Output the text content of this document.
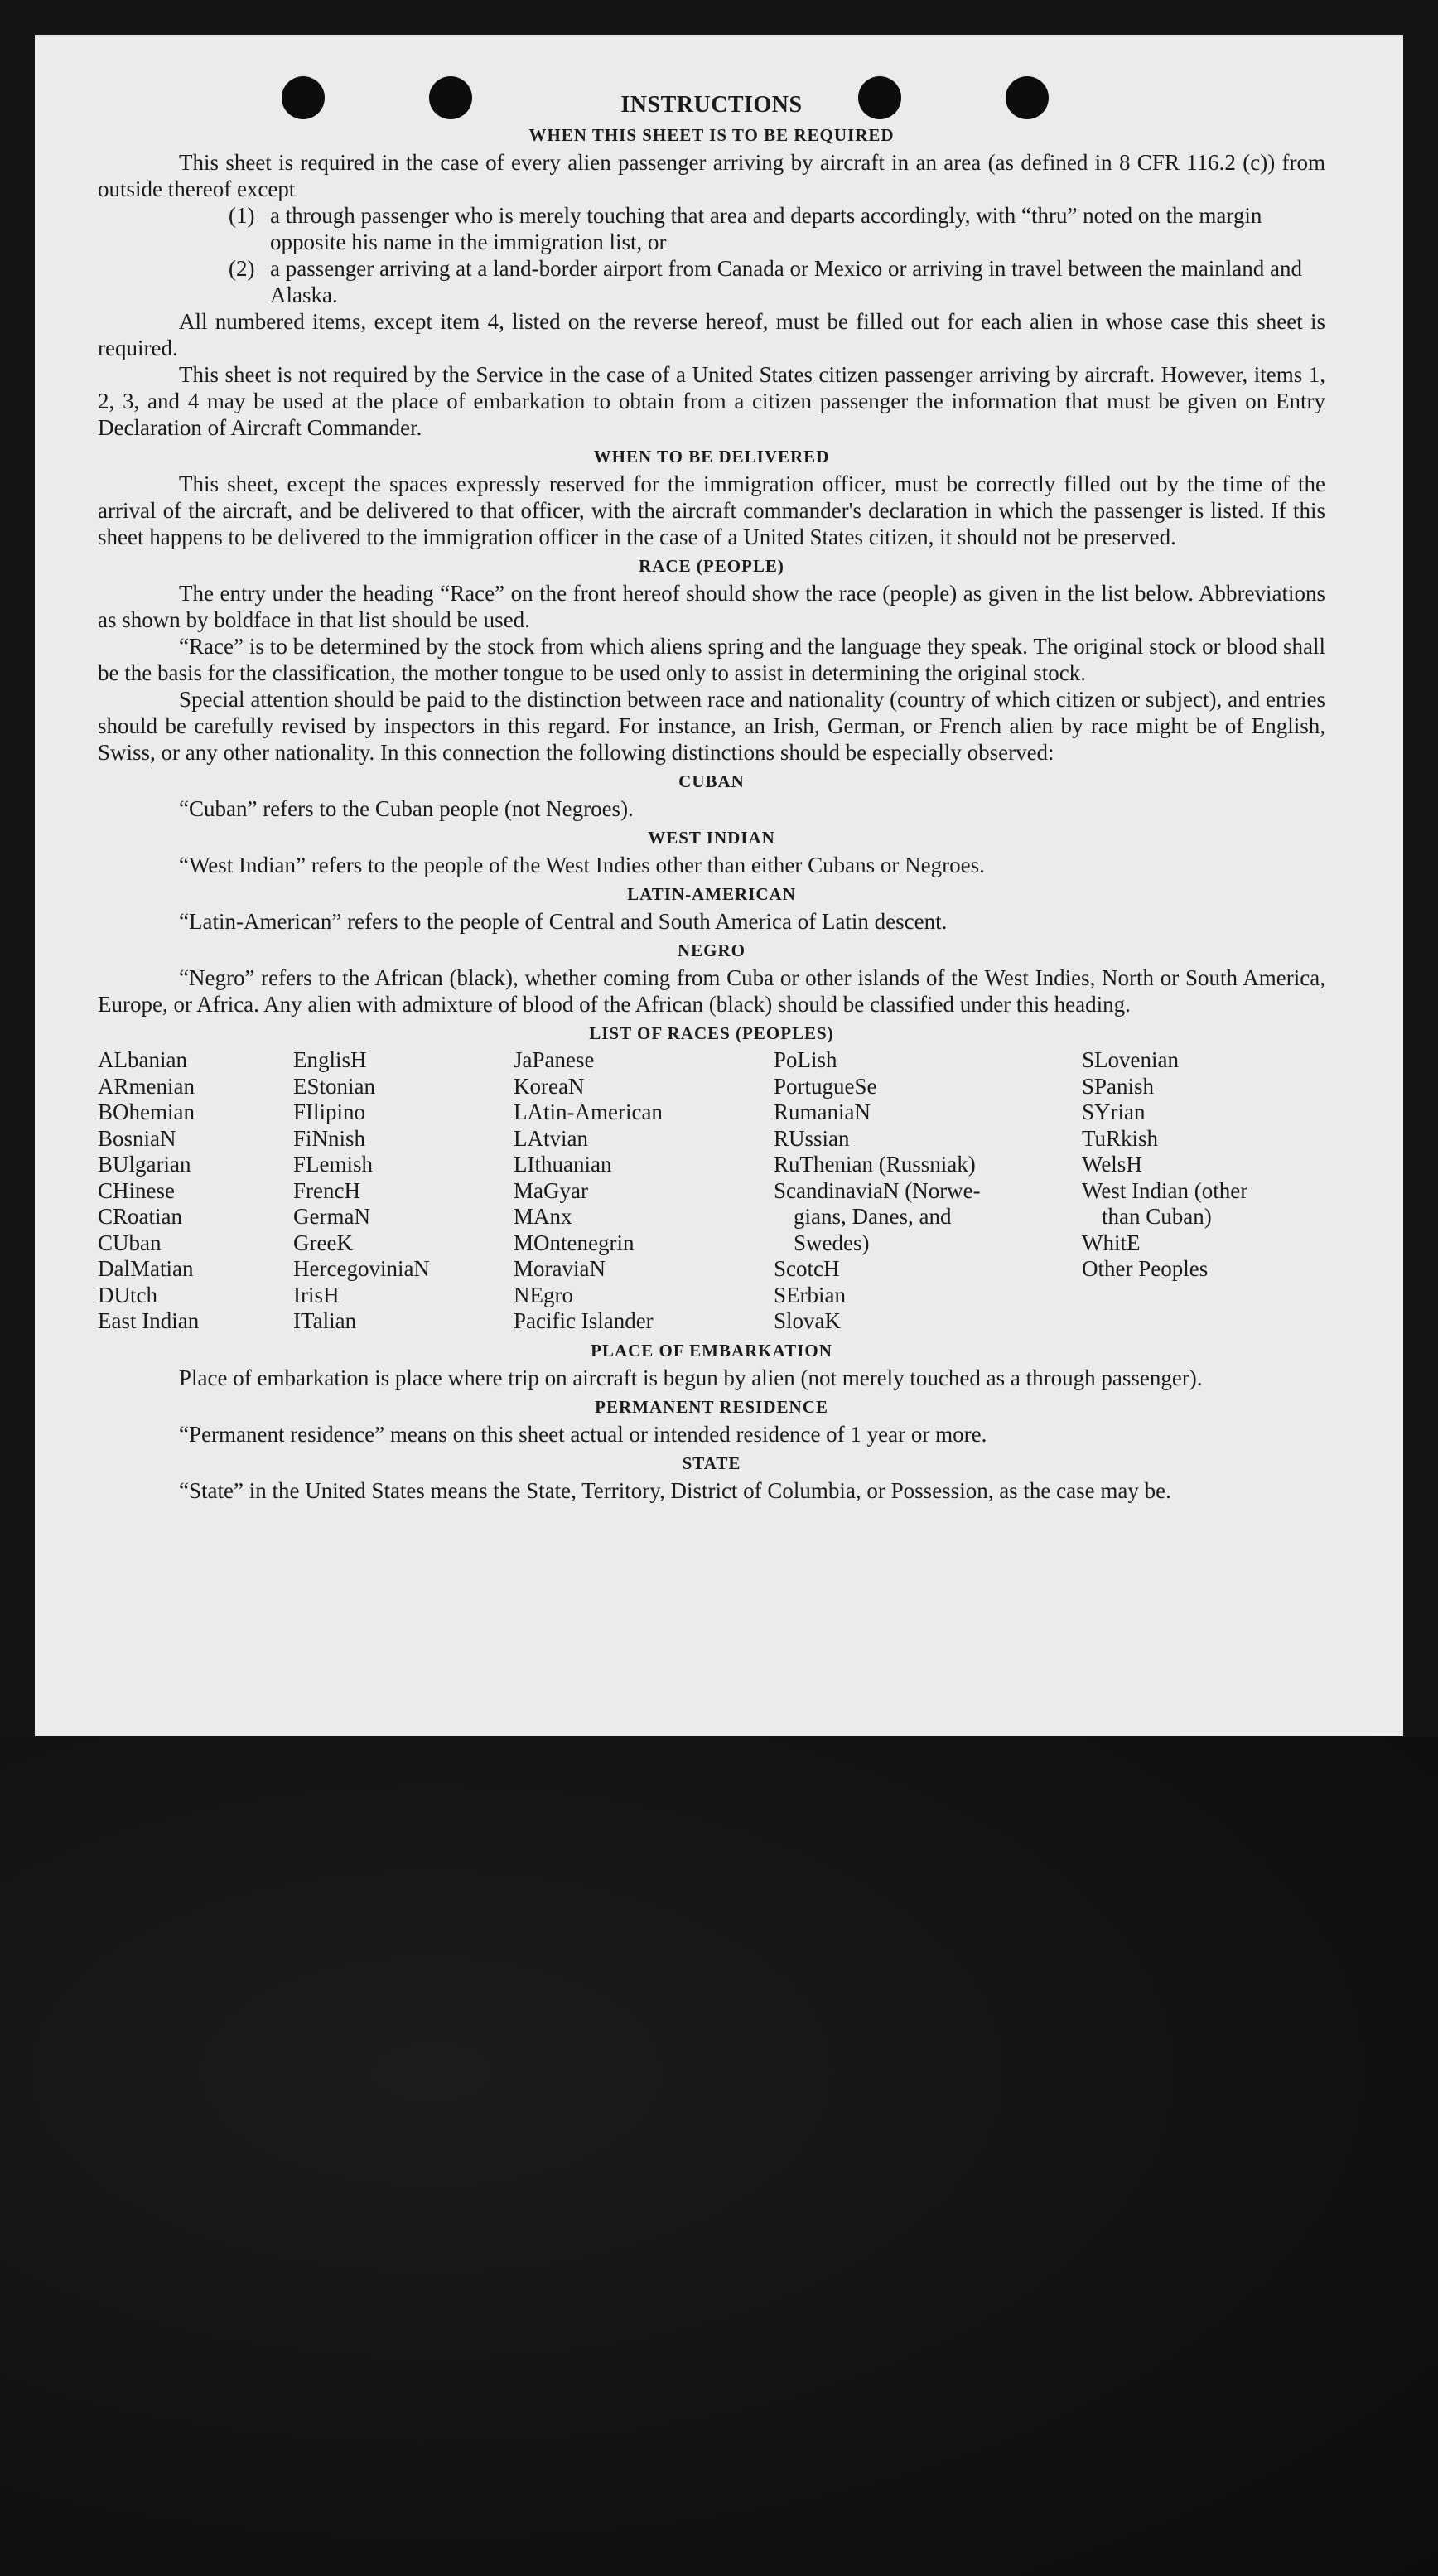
INSTRUCTIONS
WHEN THIS SHEET IS TO BE REQUIRED

This sheet is required in the case of every alien passenger arriving by aircraft in an area (as defined in 8 CFR 116.2 (c)) from outside thereof except

(1) a through passenger who is merely touching that area and departs accordingly, with “thru” noted on the margin opposite his name in the immigration list, or
(2) a passenger arriving at a land-border airport from Canada or Mexico or arriving in travel between the mainland and Alaska.

All numbered items, except item 4, listed on the reverse hereof, must be filled out for each alien in whose case this sheet is required.

This sheet is not required by the Service in the case of a United States citizen passenger arriving by aircraft. However, items 1, 2, 3, and 4 may be used at the place of embarkation to obtain from a citizen passenger the information that must be given on Entry Declaration of Aircraft Commander.

WHEN TO BE DELIVERED

This sheet, except the spaces expressly reserved for the immigration officer, must be correctly filled out by the time of the arrival of the aircraft, and be delivered to that officer, with the aircraft commander's declaration in which the passenger is listed. If this sheet happens to be delivered to the immigration officer in the case of a United States citizen, it should not be preserved.

RACE (PEOPLE)

The entry under the heading “Race” on the front hereof should show the race (people) as given in the list below. Abbreviations as shown by boldface in that list should be used.

“Race” is to be determined by the stock from which aliens spring and the language they speak. The original stock or blood shall be the basis for the classification, the mother tongue to be used only to assist in determining the original stock.

Special attention should be paid to the distinction between race and nationality (country of which citizen or subject), and entries should be carefully revised by inspectors in this regard. For instance, an Irish, German, or French alien by race might be of English, Swiss, or any other nationality. In this connection the following distinctions should be especially observed:

CUBAN

“Cuban” refers to the Cuban people (not Negroes).

WEST INDIAN

“West Indian” refers to the people of the West Indies other than either Cubans or Negroes.

LATIN-AMERICAN

“Latin-American” refers to the people of Central and South America of Latin descent.

NEGRO

“Negro” refers to the African (black), whether coming from Cuba or other islands of the West Indies, North or South America, Europe, or Africa. Any alien with admixture of blood of the African (black) should be classified under this heading.

LIST OF RACES (PEOPLES)
ALbanian	EnglisH	JaPanese	PoLish	SLovenian
ARmenian	EStonian	KoreaN	PortugueSe	SPanish
BOhemian	FIlipino	LAtin-American	RumaniaN	SYrian
BosniaN	FiNnish	LAtvian	RUssian	TuRkish
BUlgarian	FLemish	LIthuanian	RuThenian (Russniak)	WelsH
CHinese	FrencH	MaGyar	ScandinaviaN (Norwe-	West Indian (other
CRoatian	GermaN	MAnx	gians, Danes, and	than Cuban)
CUban	GreeK	MOntenegrin	Swedes)	WhitE
DalMatian	HercegoviniaN	MoraviaN	ScotcH	Other Peoples
DUtch	IrisH	NEgro	SErbian
East Indian	ITalian	Pacific Islander	SlovaK
PLACE OF EMBARKATION

Place of embarkation is place where trip on aircraft is begun by alien (not merely touched as a through passenger).

PERMANENT RESIDENCE

“Permanent residence” means on this sheet actual or intended residence of 1 year or more.

STATE

“State” in the United States means the State, Territory, District of Columbia, or Possession, as the case may be.
